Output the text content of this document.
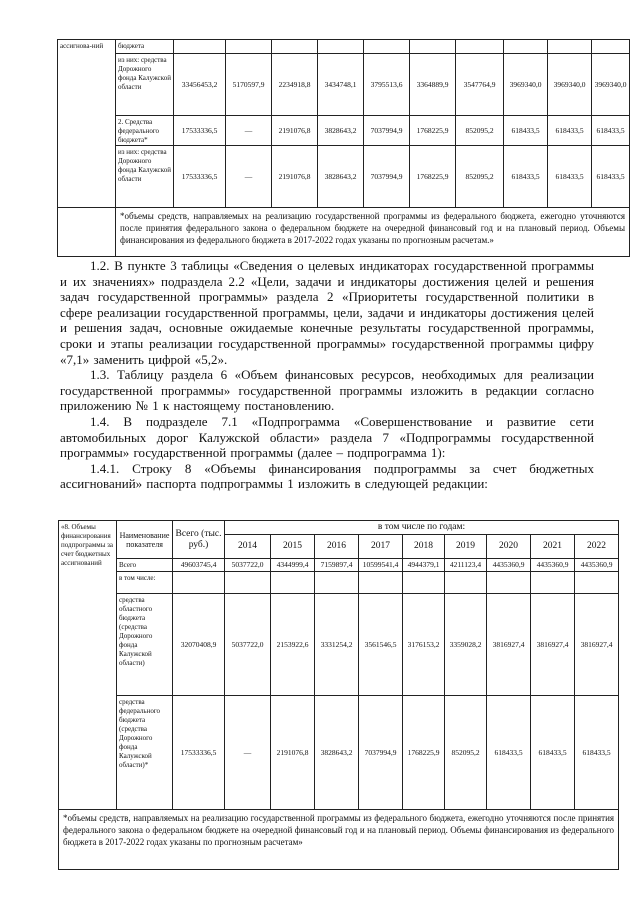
ассигнова-ний	бюджета										
	из них: средства Дорожного фонда Калужской области	33456453,2	5170597,9	2234918,8	3434748,1	3795513,6	3364889,9	3547764,9	3969340,0	3969340,0	3969340,0
	2. Средства федерального бюджета*	17533336,5	—	2191076,8	3828643,2	7037994,9	1768225,9	852095,2	618433,5	618433,5	618433,5
	из них: средства Дорожного фонда Калужской области	17533336,5	—	2191076,8	3828643,2	7037994,9	1768225,9	852095,2	618433,5	618433,5	618433,5
	*объемы средств, направляемых на реализацию государственной программы из федерального бюджета, ежегодно уточняются после принятия федерального закона о федеральном бюджете на очередной финансовый год и на плановый период. Объемы финансирования из федерального бюджета в 2017-2022 годах указаны по прогнозным расчетам.»										

1.2. В пункте 3 таблицы «Сведения о целевых индикаторах государственной программы и их значениях» подраздела 2.2 «Цели, задачи и индикаторы достижения целей и решения задач государственной программы» раздела 2 «Приоритеты государственной политики в сфере реализации государственной программы, цели, задачи и индикаторы достижения целей и решения задач, основные ожидаемые конечные результаты государственной программы, сроки и этапы реализации государственной программы» государственной программы цифру «7,1» заменить цифрой «5,2».

1.3. Таблицу раздела 6 «Объем финансовых ресурсов, необходимых для реализации государственной программы» государственной программы изложить в редакции согласно приложению № 1 к настоящему постановлению.

1.4. В подразделе 7.1 «Подпрограмма «Совершенствование и развитие сети автомобильных дорог Калужской области» раздела 7 «Подпрограммы государственной программы» государственной программы (далее – подпрограмма 1):

1.4.1. Строку 8 «Объемы финансирования подпрограммы за счет бюджетных ассигнований» паспорта подпрограммы 1 изложить в следующей редакции:

«8. Объемы финансирования подпрограммы за счет бюджетных ассигнований	Наименование показателя	Всего (тыс. руб.)	в том числе по годам:								
			2014	2015	2016	2017	2018	2019	2020	2021	2022
	Всего	49603745,4	5037722,0	4344999,4	7159897,4	10599541,4	4944379,1	4211123,4	4435360,9	4435360,9	4435360,9
	в том числе:										
	средства областного бюджета (средства Дорожного фонда Калужской области)	32070408,9	5037722,0	2153922,6	3331254,2	3561546,5	3176153,2	3359028,2	3816927,4	3816927,4	3816927,4
	средства федерального бюджета (средства Дорожного фонда Калужской области)*	17533336,5	—	2191076,8	3828643,2	7037994,9	1768225,9	852095,2	618433,5	618433,5	618433,5
*объемы средств, направляемых на реализацию государственной программы из федерального бюджета, ежегодно уточняются после принятия федерального закона о федеральном бюджете на очередной финансовый год и на плановый период. Объемы финансирования из федерального бюджета в 2017-2022 годах указаны по прогнозным расчетам»											
